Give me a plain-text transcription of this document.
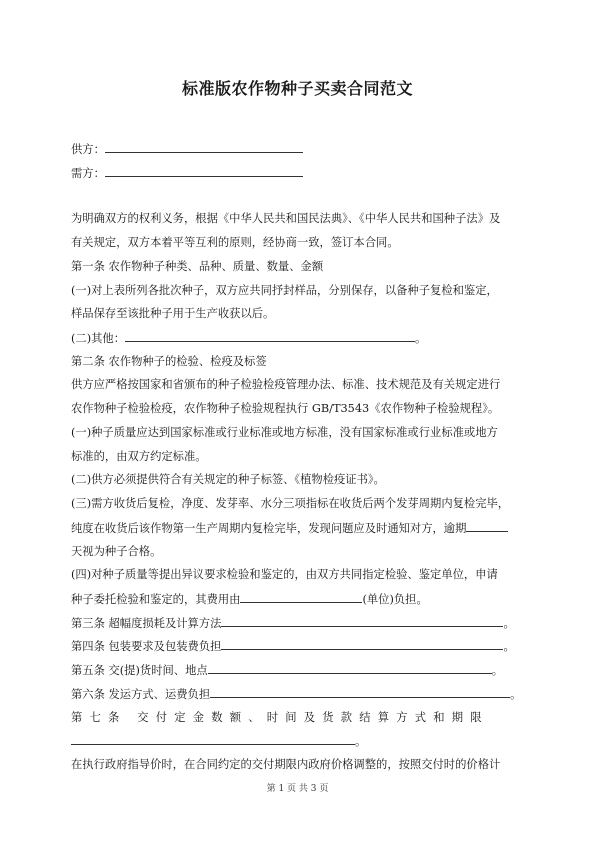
标准版农作物种子买卖合同范文
供方：
需方：
为明确双方的权利义务，根据《中华人民共和国民法典》、《中华人民共和国种子法》及
有关规定，双方本着平等互利的原则，经协商一致，签订本合同。
第一条 农作物种子种类、品种、质量、数量、金额
(一)对上表所列各批次种子，双方应共同抒封样品，分别保存，以备种子复检和鉴定，
样品保存至该批种子用于生产收获以后。
(二)其他：	。
第二条 农作物种子的检验、检疫及标签
供方应严格按国家和省颁布的种子检验检疫管理办法、标准、技术规范及有关规定进行
农作物种子检验检疫，农作物种子检验规程执行 GB/T3543《农作物种子检验规程》。
(一)种子质量应达到国家标准或行业标准或地方标准，没有国家标准或行业标准或地方
标准的，由双方约定标准。
(二)供方必须提供符合有关规定的种子标签、《植物检疫证书》。
(三)需方收货后复检，净度、发芽率、水分三项指标在收货后两个发芽周期内复检完毕，
纯度在收货后该作物第一生产周期内复检完毕，发现问题应及时通知对方，逾期
天视为种子合格。
(四)对种子质量等提出异议要求检验和鉴定的，由双方共同指定检验、鉴定单位，申请
种子委托检验和鉴定的，其费用由	(单位)负担。
第三条 超幅度损耗及计算方法	。
第四条 包装要求及包装费负担	。
第五条 交(提)货时间、地点	。
第六条 发运方式、运费负担	。
第七条 交付定金数额、时间及货款结算方式和期限
。
在执行政府指导价时，在合同约定的交付期限内政府价格调整的，按照交付时的价格计
第 1 页 共 3 页
